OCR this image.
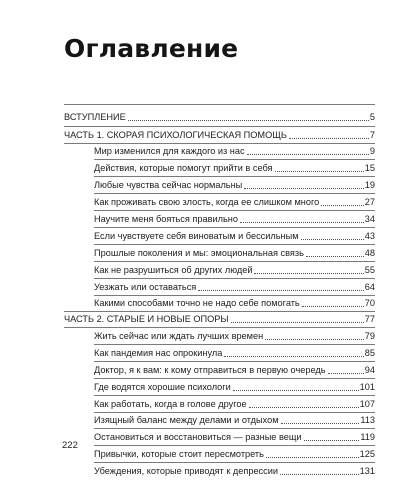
Оглавление
ВСТУПЛЕНИЕ	5
ЧАСТЬ 1. СКОРАЯ ПСИХОЛОГИЧЕСКАЯ ПОМОЩЬ	7
Мир изменился для каждого из нас	9
Действия, которые помогут прийти в себя	15
Любые чувства сейчас нормальны	19
Как проживать свою злость, когда ее слишком много	27
Научите меня бояться правильно	34
Если чувствуете себя виноватым и бессильным	43
Прошлые поколения и мы: эмоциональная связь	48
Как не разрушиться об других людей	55
Уезжать или оставаться	64
Какими способами точно не надо себе помогать	70
ЧАСТЬ 2. СТАРЫЕ И НОВЫЕ ОПОРЫ	77
Жить сейчас или ждать лучших времен	79
Как пандемия нас опрокинула	85
Доктор, я к вам: к кому отправиться в первую очередь	94
Где водятся хорошие психологи	101
Как работать, когда в голове другое	107
Изящный баланс между делами и отдыхом	113
Остановиться и восстановиться — разные вещи	119
Привычки, которые стоит пересмотреть	125
Убеждения, которые приводят к депрессии	131
222
